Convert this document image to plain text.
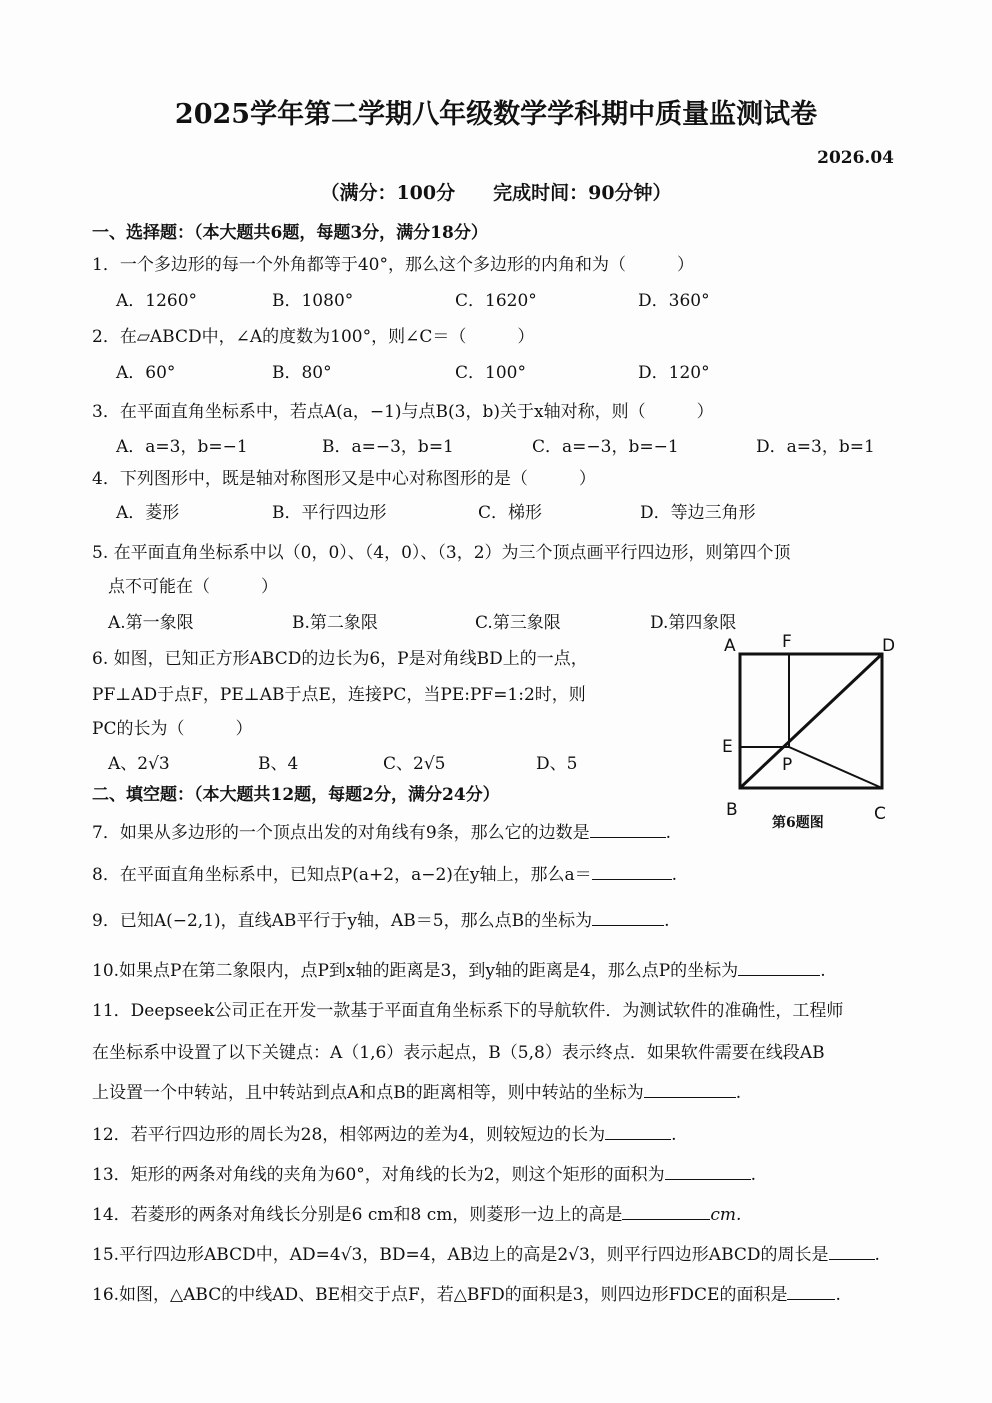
2025学年第二学期八年级数学学科期中质量监测试卷
2026.04
（满分：100分　　完成时间：90分钟）
一、选择题：（本大题共6题，每题3分，满分18分）
1．一个多边形的每一个外角都等于40°，那么这个多边形的内角和为（　　　）
A．1260°	B．1080°	C．1620°	D．360°
2．在▱ABCD中，∠A的度数为100°，则∠C＝（　　　）
A．60°	B．80°	C．100°	D．120°
3．在平面直角坐标系中，若点A(a，−1)与点B(3，b)关于x轴对称，则（　　　）
A．a=3，b=−1	B．a=−3，b=1	C．a=−3，b=−1	D．a=3，b=1
4．下列图形中，既是轴对称图形又是中心对称图形的是（　　　）
A．菱形	B．平行四边形	C．梯形	D．等边三角形
5. 在平面直角坐标系中以（0，0）、（4，0）、（3，2）为三个顶点画平行四边形，则第四个顶
点不可能在（　　　）
A.第一象限	B.第二象限	C.第三象限	D.第四象限
6. 如图，已知正方形ABCD的边长为6，P是对角线BD上的一点，
PF⊥AD于点F，PE⊥AB于点E，连接PC，当PE:PF=1:2时，则
PC的长为（　　　）
A、2√3	B、4	C、2√5	D、5
A	F	D
E
P
B	C
第6题图
二、填空题：（本大题共12题，每题2分，满分24分）
7．如果从多边形的一个顶点出发的对角线有9条，那么它的边数是	.
8．在平面直角坐标系中，已知点P(a+2，a−2)在y轴上，那么a＝	.
9．已知A(−2,1)，直线AB平行于y轴，AB＝5，那么点B的坐标为	.
10.如果点P在第二象限内，点P到x轴的距离是3，到y轴的距离是4，那么点P的坐标为	.
11．Deepseek公司正在开发一款基于平面直角坐标系下的导航软件．为测试软件的准确性，工程师
在坐标系中设置了以下关键点：A（1,6）表示起点，B（5,8）表示终点．如果软件需要在线段AB
上设置一个中转站，且中转站到点A和点B的距离相等，则中转站的坐标为	.
12．若平行四边形的周长为28，相邻两边的差为4，则较短边的长为	.
13．矩形的两条对角线的夹角为60°，对角线的长为2，则这个矩形的面积为	.
14．若菱形的两条对角线长分别是6 cm和8 cm，则菱形一边上的高是	cm.
15.平行四边形ABCD中，AD=4√3，BD=4，AB边上的高是2√3，则平行四边形ABCD的周长是	.
16.如图，△ABC的中线AD、BE相交于点F，若△BFD的面积是3，则四边形FDCE的面积是	.
